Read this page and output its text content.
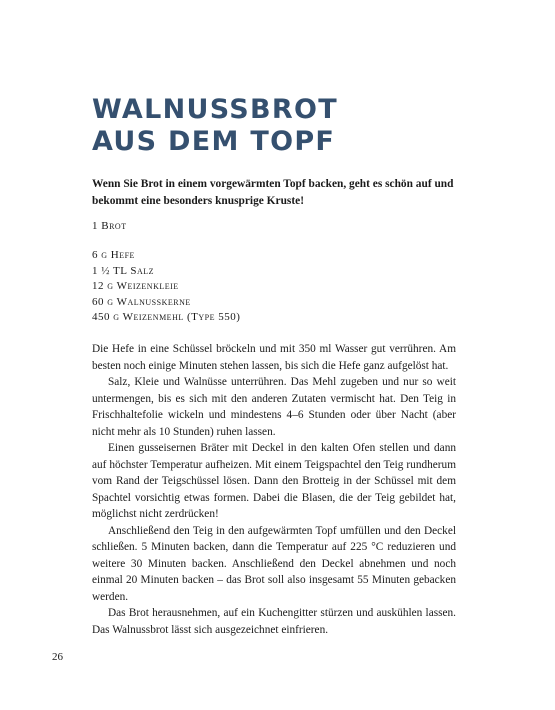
WALNUSSBROT
AUS DEM TOPF

Wenn Sie Brot in einem vorgewärmten Topf backen, geht es schön auf und bekommt eine besonders knusprige Kruste!

1 Brot

6 g Hefe
1 ½ TL Salz
12 g Weizenkleie
60 g Walnusskerne
450 g Weizenmehl (Type 550)

Die Hefe in eine Schüssel bröckeln und mit 350 ml Wasser gut verrühren. Am besten noch einige Minuten stehen lassen, bis sich die Hefe ganz aufgelöst hat.

Salz, Kleie und Walnüsse unterrühren. Das Mehl zugeben und nur so weit untermengen, bis es sich mit den anderen Zutaten vermischt hat. Den Teig in Frischhaltefolie wickeln und mindestens 4–6 Stunden oder über Nacht (aber nicht mehr als 10 Stunden) ruhen lassen.

Einen gusseisernen Bräter mit Deckel in den kalten Ofen stellen und dann auf höchster Temperatur aufheizen. Mit einem Teigspachtel den Teig rundherum vom Rand der Teigschüssel lösen. Dann den Brotteig in der Schüssel mit dem Spachtel vorsichtig etwas formen. Dabei die Blasen, die der Teig gebildet hat, möglichst nicht zerdrücken!

Anschließend den Teig in den aufgewärmten Topf umfüllen und den Deckel schließen. 5 Minuten backen, dann die Temperatur auf 225 °C reduzieren und weitere 30 Minuten backen. Anschließend den Deckel abnehmen und noch einmal 20 Minuten backen – das Brot soll also insgesamt 55 Minuten gebacken werden.

Das Brot herausnehmen, auf ein Kuchengitter stürzen und auskühlen lassen. Das Walnussbrot lässt sich ausgezeichnet einfrieren.

26
